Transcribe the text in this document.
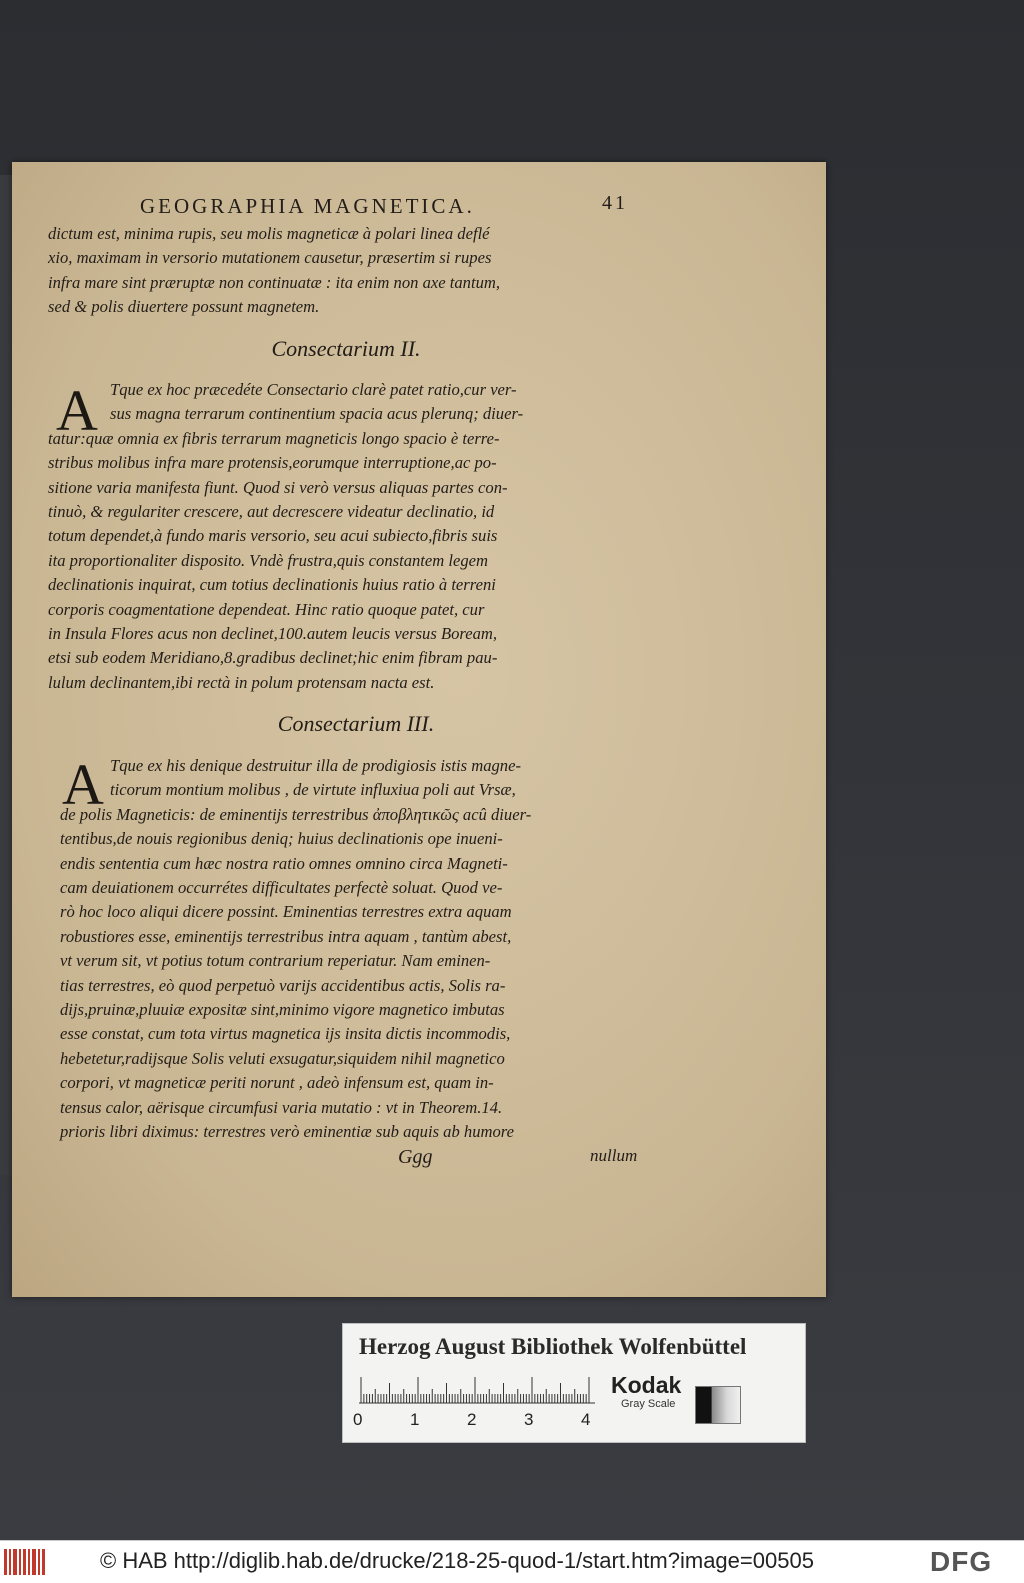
GEOGRAPHIA MAGNETICA.	41
dictum est, minima rupis, seu molis magneticæ à polari linea deflé
xio, maximam in versorio mutationem causetur, præsertim si rupes
infra mare sint præruptæ non continuatæ : ita enim non axe tantum,
sed & polis diuertere possunt magnetem.
Consectarium II.
A Tque ex hoc præcedéte Consectario clarè patet ratio,cur ver-
sus magna terrarum continentium spacia acus plerunq; diuer-
tatur:quæ omnia ex fibris terrarum magneticis longo spacio è terre-
stribus molibus infra mare protensis,eorumque interruptione,ac po-
sitione varia manifesta fiunt. Quod si verò versus aliquas partes con-
tinuò, & regulariter crescere, aut decrescere videatur declinatio, id
totum dependet,à fundo maris versorio, seu acui subiecto,fibris suis
ita proportionaliter disposito. Vndè frustra,quis constantem legem
declinationis inquirat, cum totius declinationis huius ratio à terreni
corporis coagmentatione dependeat. Hinc ratio quoque patet, cur
in Insula Flores acus non declinet,100.autem leucis versus Boream,
etsi sub eodem Meridiano,8.gradibus declinet;hic enim fibram pau-
lulum declinantem,ibi rectà in polum protensam nacta est.
Consectarium III.
A Tque ex his denique destruitur illa de prodigiosis istis magne-
ticorum montium molibus , de virtute influxiua poli aut Vrsæ,
de polis Magneticis: de eminentijs terrestribus ἀποβλητικῶς acû diuer-
tentibus,de nouis regionibus deniq; huius declinationis ope inueni-
endis sententia cum hæc nostra ratio omnes omnino circa Magneti-
cam deuiationem occurrétes difficultates perfectè soluat. Quod ve-
rò hoc loco aliqui dicere possint. Eminentias terrestres extra aquam
robustiores esse, eminentijs terrestribus intra aquam , tantùm abest,
vt verum sit, vt potius totum contrarium reperiatur. Nam eminen-
tias terrestres, eò quod perpetuò varijs accidentibus actis, Solis ra-
dijs,pruinæ,pluuiæ expositæ sint,minimo vigore magnetico imbutas
esse constat, cum tota virtus magnetica ijs insita dictis incommodis,
hebetetur,radijsque Solis veluti exsugatur,siquidem nihil magnetico
corpori, vt magneticæ periti norunt , adeò infensum est, quam in-
tensus calor, aërisque circumfusi varia mutatio : vt in Theorem.14.
prioris libri diximus: terrestres verò eminentiæ sub aquis ab humore
Ggg	nullum
Herzog August Bibliothek Wolfenbüttel
0	1	2	3	4
Kodak
Gray Scale
© HAB http://diglib.hab.de/drucke/218-25-quod-1/start.htm?image=00505	DFG
